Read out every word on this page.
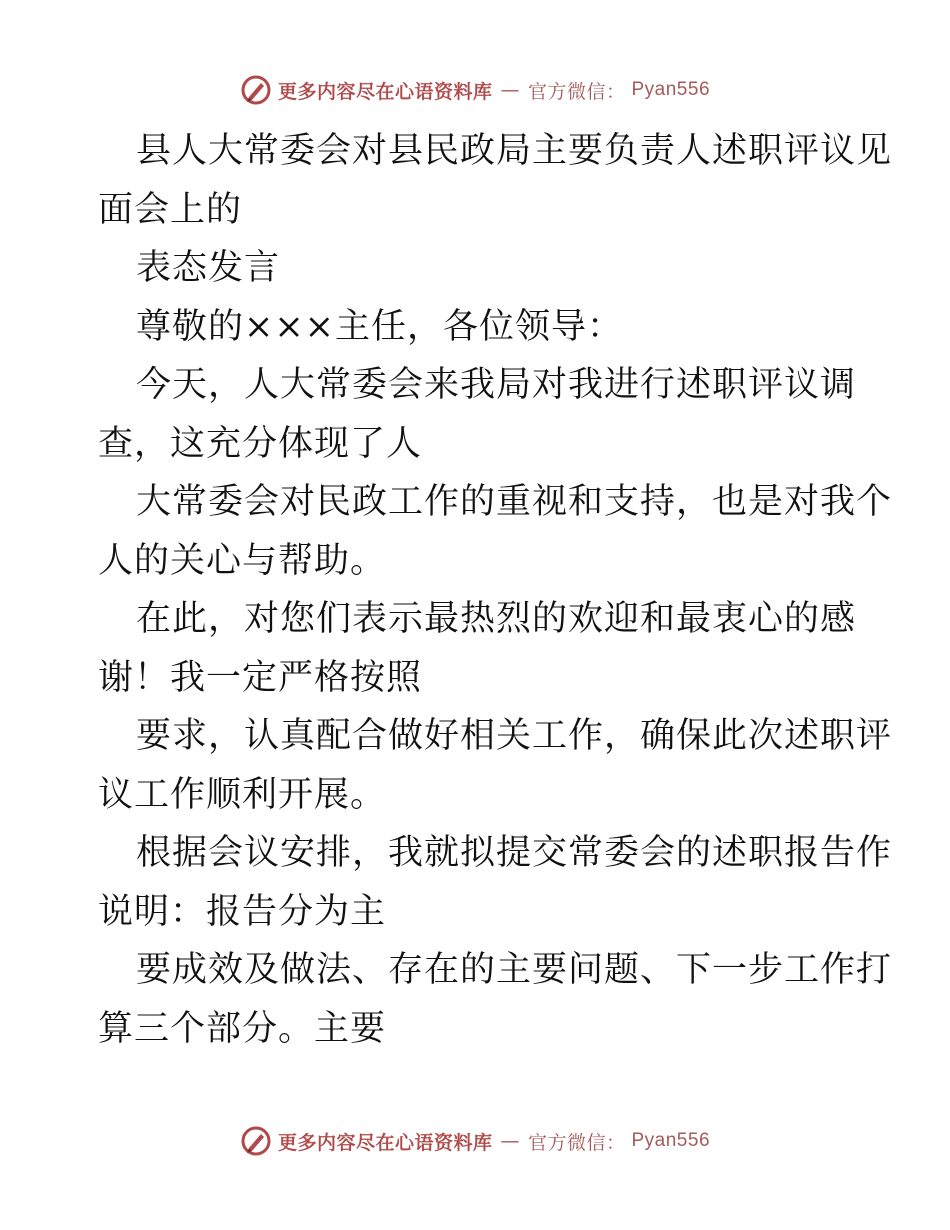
更多内容尽在心语资料库 — 官方微信： Pyan556
县人大常委会对县民政局主要负责人述职评议见
面会上的
表态发言
尊敬的×××主任，各位领导：
今天，人大常委会来我局对我进行述职评议调
查，这充分体现了人
大常委会对民政工作的重视和支持，也是对我个
人的关心与帮助。
在此，对您们表示最热烈的欢迎和最衷心的感
谢！我一定严格按照
要求，认真配合做好相关工作，确保此次述职评
议工作顺利开展。
根据会议安排，我就拟提交常委会的述职报告作
说明：报告分为主
要成效及做法、存在的主要问题、下一步工作打
算三个部分。主要
更多内容尽在心语资料库 — 官方微信： Pyan556
